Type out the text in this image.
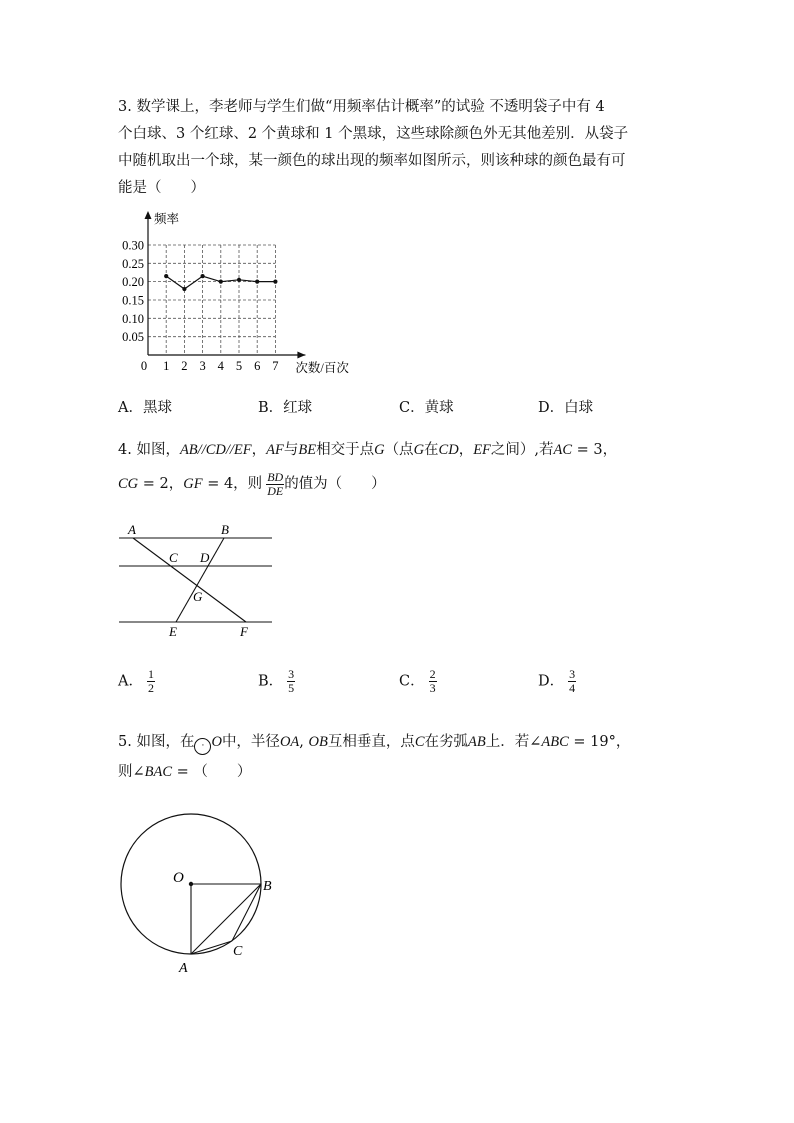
3. 数学课上，李老师与学生们做“用频率估计概率”的试验 不透明袋子中有 4

个白球、3 个红球、2 个黄球和 1 个黑球，这些球除颜色外无其他差别．从袋子

中随机取出一个球，某一颜色的球出现的频率如图所示，则该种球的颜色最有可

能是（　　）

频率
次数/百次
0
0.05
0.10
0.15
0.20
0.25
0.30
1 2 3 4 5 6 7
A．黑球	B．红球	C．黄球	D．白球
4. 如图，AB//CD//EF，AF与BE相交于点G（点G在CD，EF之间）,若AC = 3，
CG = 2，GF = 4，则 $\frac{BD}{DE}$ 的值为（　　）
A	B
C D
G
E	F
A． $\frac{1}{2}$	B． $\frac{3}{5}$	C． $\frac{2}{3}$	D． $\frac{3}{4}$
5. 如图，在 · O中，半径OA, OB互相垂直，点C在劣弧AB上．若∠ABC = 19°，
则∠BAC = （　　）
O
B
A
C
